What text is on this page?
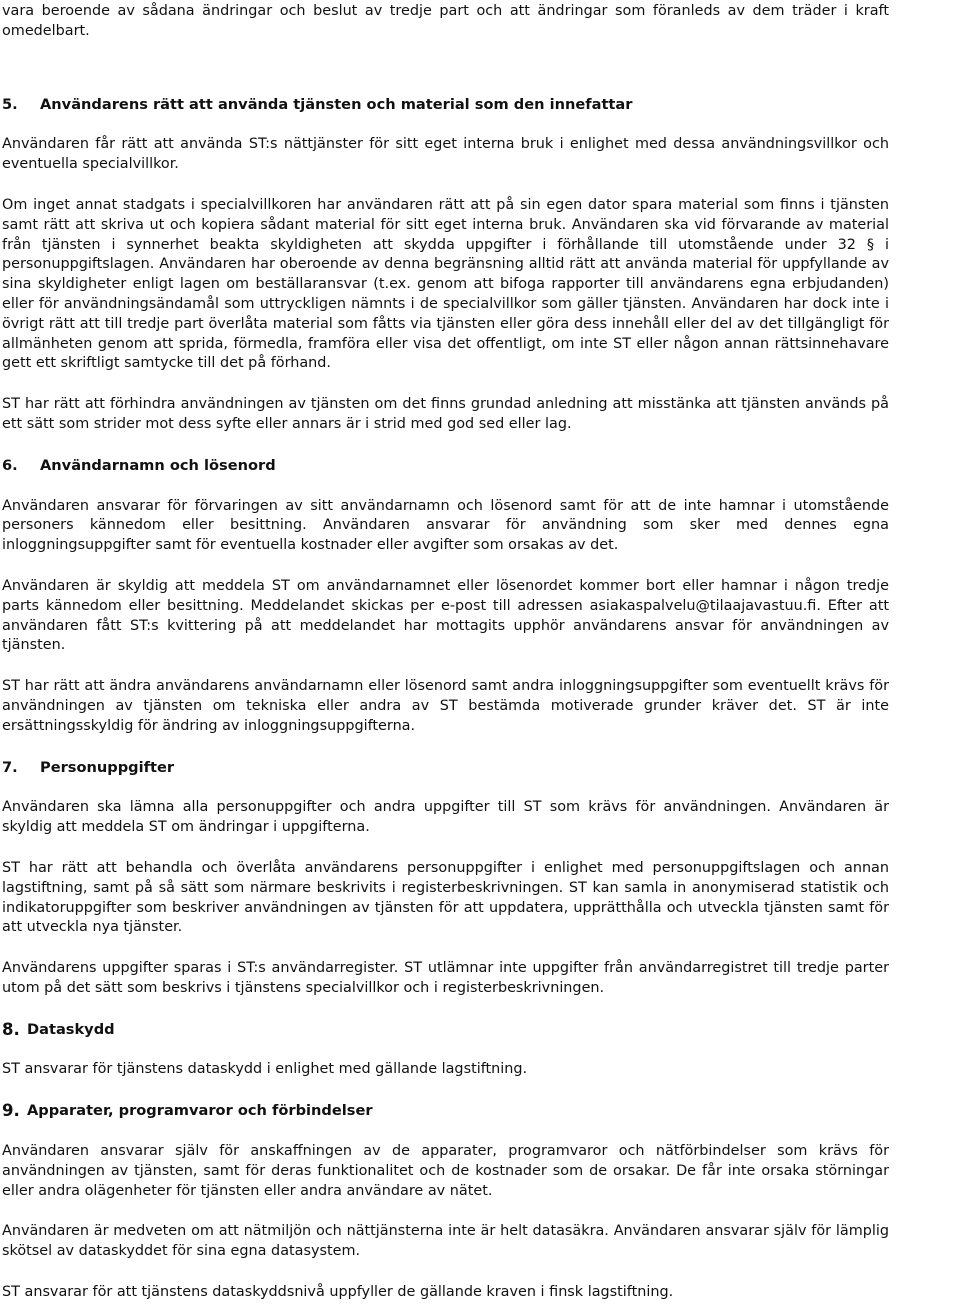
vara beroende av sådana ändringar och beslut av tredje part och att ändringar som föranleds av dem träder i kraft omedelbart.

5.	Användarens rätt att använda tjänsten och material som den innefattar

Användaren får rätt att använda ST:s nättjänster för sitt eget interna bruk i enlighet med dessa användningsvillkor och eventuella specialvillkor.

Om inget annat stadgats i specialvillkoren har användaren rätt att på sin egen dator spara material som finns i tjänsten samt rätt att skriva ut och kopiera sådant material för sitt eget interna bruk. Användaren ska vid förvarande av material från tjänsten i synnerhet beakta skyldigheten att skydda uppgifter i förhållande till utomstående under 32 § i personuppgiftslagen. Användaren har oberoende av denna begränsning alltid rätt att använda material för uppfyllande av sina skyldigheter enligt lagen om beställaransvar (t.ex. genom att bifoga rapporter till användarens egna erbjudanden) eller för användningsändamål som uttryckligen nämnts i de specialvillkor som gäller tjänsten. Användaren har dock inte i övrigt rätt att till tredje part överlåta material som fåtts via tjänsten eller göra dess innehåll eller del av det tillgängligt för allmänheten genom att sprida, förmedla, framföra eller visa det offentligt, om inte ST eller någon annan rättsinnehavare gett ett skriftligt samtycke till det på förhand.

ST har rätt att förhindra användningen av tjänsten om det finns grundad anledning att misstänka att tjänsten används på ett sätt som strider mot dess syfte eller annars är i strid med god sed eller lag.

6.	Användarnamn och lösenord

Användaren ansvarar för förvaringen av sitt användarnamn och lösenord samt för att de inte hamnar i utomstående personers kännedom eller besittning. Användaren ansvarar för användning som sker med dennes egna inloggningsuppgifter samt för eventuella kostnader eller avgifter som orsakas av det.

Användaren är skyldig att meddela ST om användarnamnet eller lösenordet kommer bort eller hamnar i någon tredje parts kännedom eller besittning. Meddelandet skickas per e-post till adressen asiakaspalvelu@tilaajavastuu.fi. Efter att användaren fått ST:s kvittering på att meddelandet har mottagits upphör användarens ansvar för användningen av tjänsten.

ST har rätt att ändra användarens användarnamn eller lösenord samt andra inloggningsuppgifter som eventuellt krävs för användningen av tjänsten om tekniska eller andra av ST bestämda motiverade grunder kräver det. ST är inte ersättningsskyldig för ändring av inloggningsuppgifterna.

7.	Personuppgifter

Användaren ska lämna alla personuppgifter och andra uppgifter till ST som krävs för användningen. Användaren är skyldig att meddela ST om ändringar i uppgifterna.

ST har rätt att behandla och överlåta användarens personuppgifter i enlighet med personuppgiftslagen och annan lagstiftning, samt på så sätt som närmare beskrivits i registerbeskrivningen. ST kan samla in anonymiserad statistik och indikatoruppgifter som beskriver användningen av tjänsten för att uppdatera, upprätthålla och utveckla tjänsten samt för att utveckla nya tjänster.

Användarens uppgifter sparas i ST:s användarregister. ST utlämnar inte uppgifter från användarregistret till tredje parter utom på det sätt som beskrivs i tjänstens specialvillkor och i registerbeskrivningen.

8. Dataskydd

ST ansvarar för tjänstens dataskydd i enlighet med gällande lagstiftning.

9. Apparater, programvaror och förbindelser

Användaren ansvarar själv för anskaffningen av de apparater, programvaror och nätförbindelser som krävs för användningen av tjänsten, samt för deras funktionalitet och de kostnader som de orsakar. De får inte orsaka störningar eller andra olägenheter för tjänsten eller andra användare av nätet.

Användaren är medveten om att nätmiljön och nättjänsterna inte är helt datasäkra. Användaren ansvarar själv för lämplig skötsel av dataskyddet för sina egna datasystem.

ST ansvarar för att tjänstens dataskyddsnivå uppfyller de gällande kraven i finsk lagstiftning.
